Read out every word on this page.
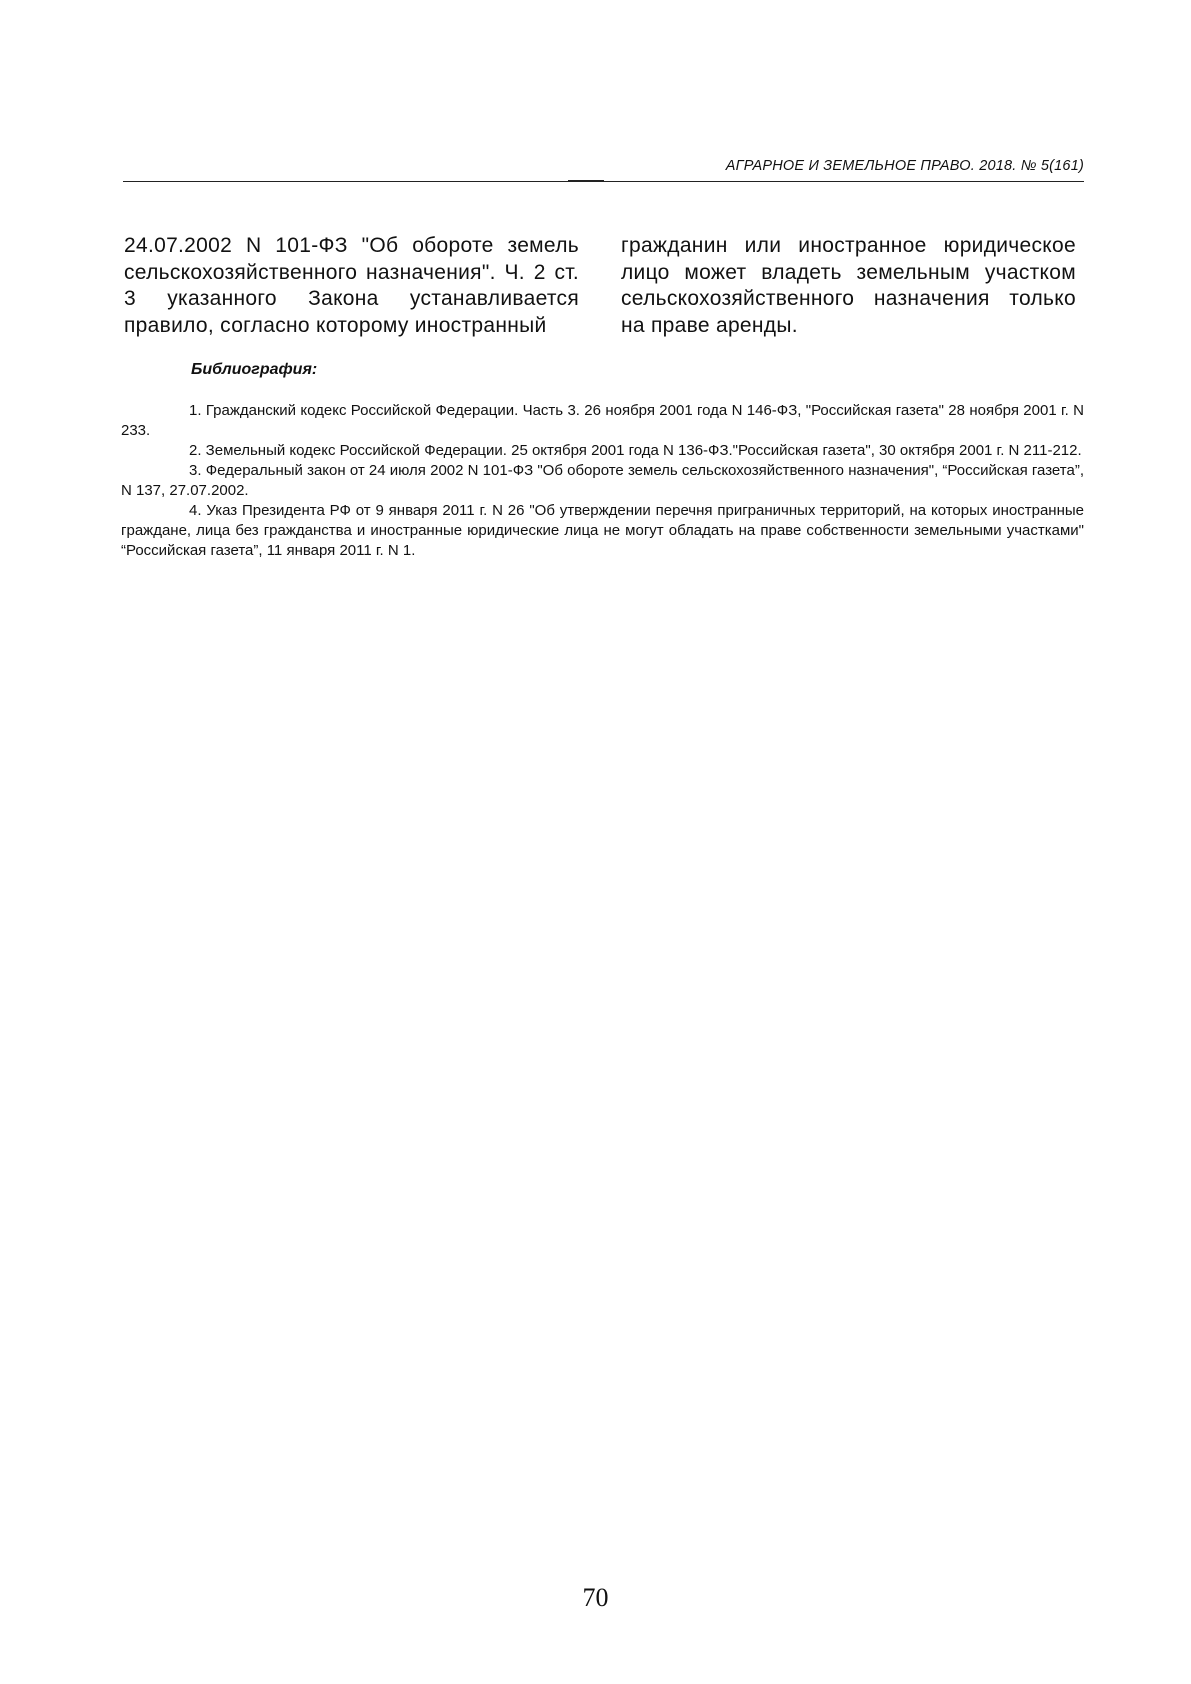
АГРАРНОЕ И ЗЕМЕЛЬНОЕ ПРАВО. 2018. № 5(161)
24.07.2002 N 101-ФЗ "Об обороте земель сельскохозяйственного назначения". Ч. 2 ст. 3 указанного Закона устанавливается правило, согласно которому иностранный
гражданин или иностранное юридическое лицо может владеть земельным участком сельскохозяйственного назначения только на праве аренды.
Библиография:

1. Гражданский кодекс Российской Федерации. Часть 3. 26 ноября 2001 года N 146-ФЗ, "Российская газета" 28 ноября 2001 г. N 233.

2. Земельный кодекс Российской Федерации. 25 октября 2001 года N 136-ФЗ."Российская газета", 30 октября 2001 г. N 211-212.

3. Федеральный закон от 24 июля 2002 N 101-ФЗ "Об обороте земель сельскохозяйственного назначения", “Российская газета”, N 137, 27.07.2002.

4. Указ Президента РФ от 9 января 2011 г. N 26 "Об утверждении перечня приграничных территорий, на которых иностранные граждане, лица без гражданства и иностранные юридические лица не могут обладать на праве собственности земельными участками" “Российская газета”, 11 января 2011 г. N 1.

70
